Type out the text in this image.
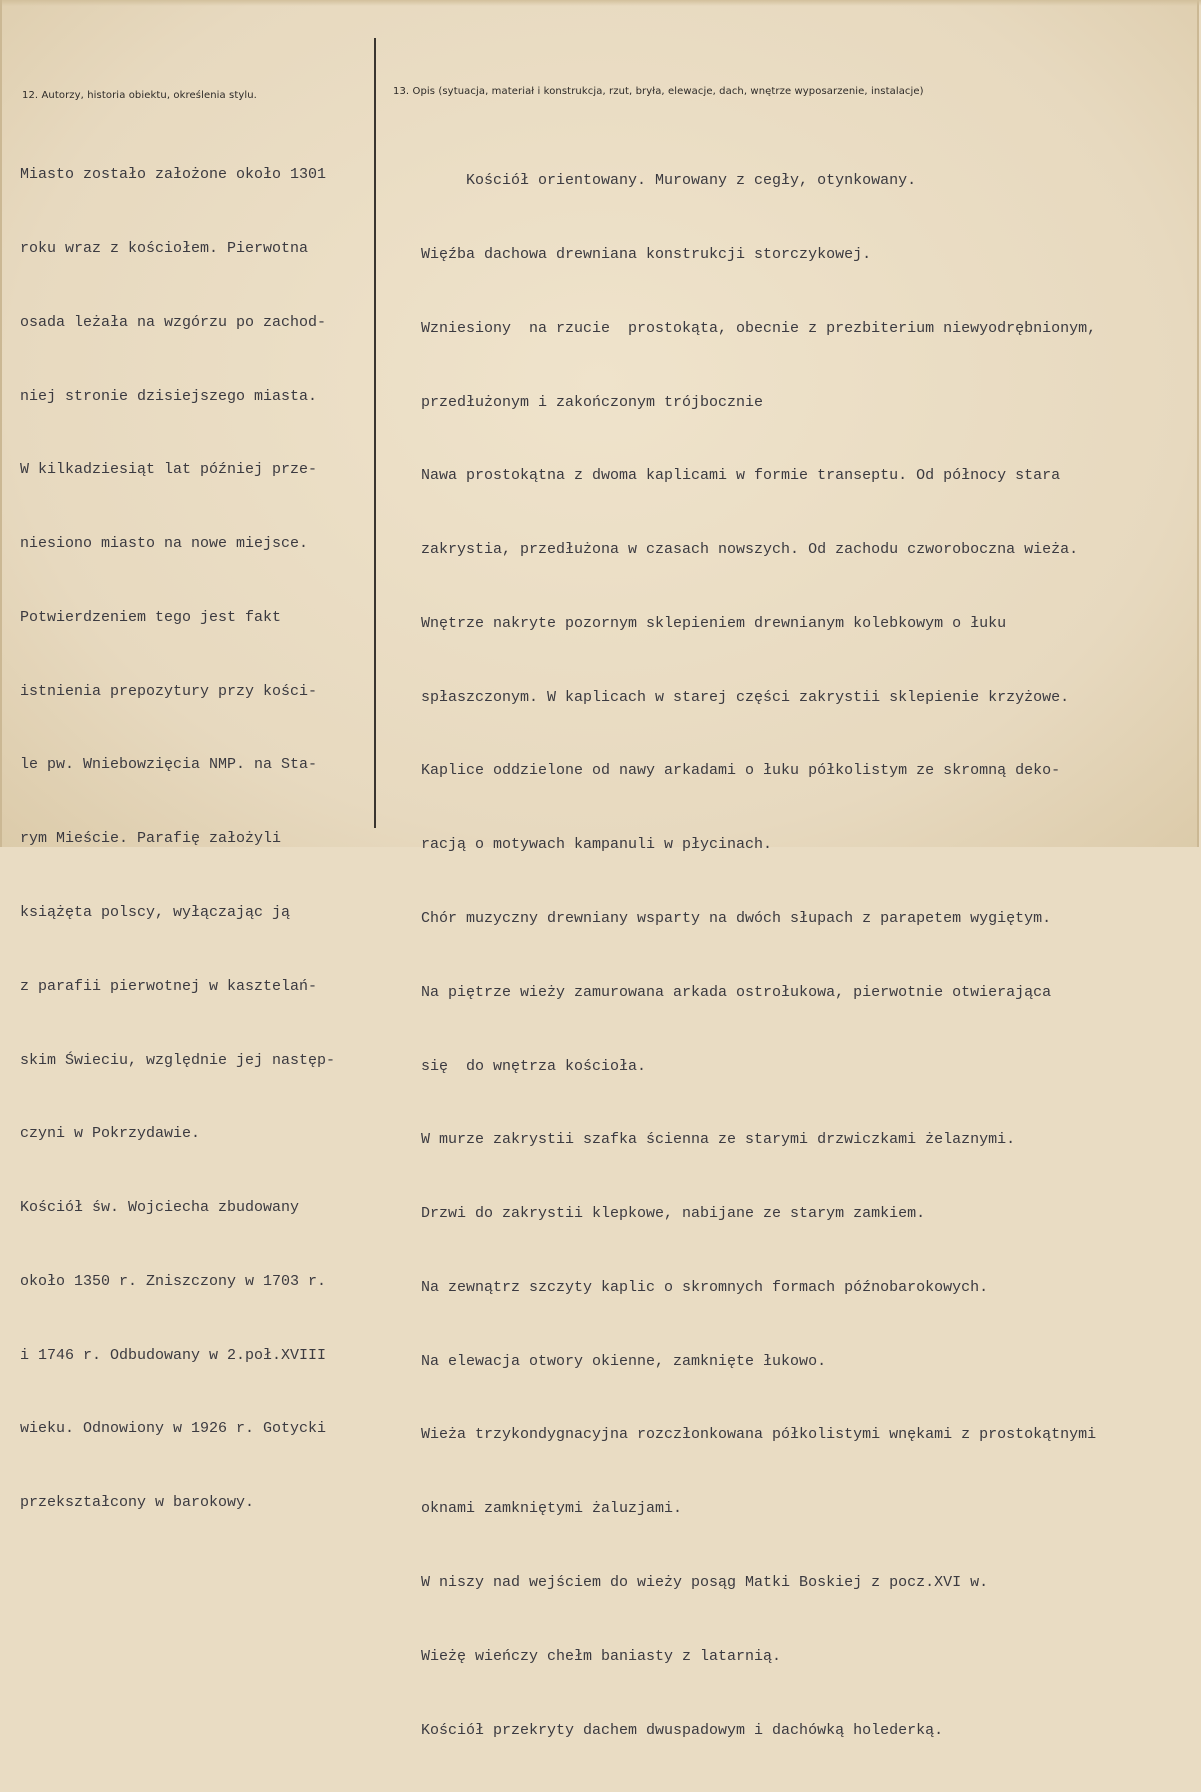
12. Autorzy, historia obiektu, określenia stylu.	13. Opis (sytuacja, materiał i konstrukcja, rzut, bryła, elewacje, dach, wnętrze wyposarzenie, instalacje)

Miasto zostało założone około 1301

roku wraz z kościołem. Pierwotna

osada leżała na wzgórzu po zachod-

niej stronie dzisiejszego miasta.

W kilkadziesiąt lat później prze-

niesiono miasto na nowe miejsce.

Potwierdzeniem tego jest fakt

istnienia prepozytury przy kości-

le pw. Wniebowzięcia NMP. na Sta-

rym Mieście. Parafię założyli

książęta polscy, wyłączając ją

z parafii pierwotnej w kasztelań-

skim Świeciu, względnie jej następ-

czyni w Pokrzydawie.

Kościół św. Wojciecha zbudowany

około 1350 r. Zniszczony w 1703 r.

i 1746 r. Odbudowany w 2.poł.XVIII

wieku. Odnowiony w 1926 r. Gotycki

przekształcony w barokowy.

Kościół orientowany. Murowany z cegły, otynkowany.

Więźba dachowa drewniana konstrukcji storczykowej.

Wzniesiony  na rzucie  prostokąta, obecnie z prezbiterium niewyodrębnionym,

przedłużonym i zakończonym trójbocznie

Nawa prostokątna z dwoma kaplicami w formie transeptu. Od północy stara

zakrystia, przedłużona w czasach nowszych. Od zachodu czworoboczna wieża.

Wnętrze nakryte pozornym sklepieniem drewnianym kolebkowym o łuku

spłaszczonym. W kaplicach w starej części zakrystii sklepienie krzyżowe.

Kaplice oddzielone od nawy arkadami o łuku półkolistym ze skromną deko-

racją o motywach kampanuli w płycinach.

Chór muzyczny drewniany wsparty na dwóch słupach z parapetem wygiętym.

Na piętrze wieży zamurowana arkada ostrołukowa, pierwotnie otwierająca

się  do wnętrza kościoła.

W murze zakrystii szafka ścienna ze starymi drzwiczkami żelaznymi.

Drzwi do zakrystii klepkowe, nabijane ze starym zamkiem.

Na zewnątrz szczyty kaplic o skromnych formach późnobarokowych.

Na elewacja otwory okienne, zamknięte łukowo.

Wieża trzykondygnacyjna rozczłonkowana półkolistymi wnękami z prostokątnymi

oknami zamkniętymi żaluzjami.

W niszy nad wejściem do wieży posąg Matki Boskiej z pocz.XVI w.

Wieżę wieńczy chełm baniasty z latarnią.

Kościół przekryty dachem dwuspadowym i dachówką holederką.
